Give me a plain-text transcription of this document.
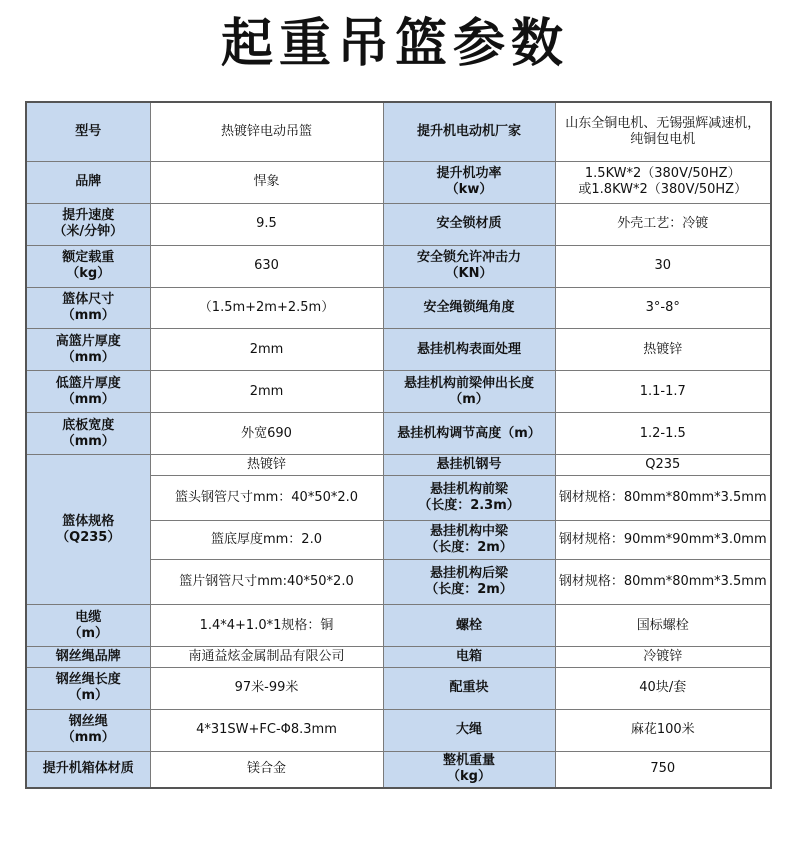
起重吊篮参数
型号	热镀锌电动吊篮	提升机电动机厂家	山东全铜电机、无锡强辉减速机，
纯铜包电机

品牌	悍象	提升机功率
（kw）	1.5KW*2（380V/50HZ）
或1.8KW*2（380V/50HZ）

提升速度
（米/分钟）	9.5	安全锁材质	外壳工艺：冷镀

额定载重
（kg）	630	安全锁允许冲击力
（KN）	30

篮体尺寸
（mm）	（1.5m+2m+2.5m）	安全绳锁绳角度	3°-8°

高篮片厚度
（mm）	2mm	悬挂机构表面处理	热镀锌

低篮片厚度
（mm）	2mm	悬挂机构前梁伸出长度
（m）	1.1-1.7

底板宽度
（mm）	外宽690	悬挂机构调节高度（m）	1.2-1.5

篮体规格
（Q235）	热镀锌	悬挂机钢号	Q235

	篮头钢管尺寸mm：40*50*2.0	悬挂机构前梁
（长度：2.3m）	钢材规格：80mm*80mm*3.5mm

	篮底厚度mm：2.0	悬挂机构中梁
（长度：2m）	钢材规格：90mm*90mm*3.0mm

	篮片钢管尺寸mm:40*50*2.0	悬挂机构后梁
（长度：2m）	钢材规格：80mm*80mm*3.5mm

电缆
（m）	1.4*4+1.0*1规格：铜	螺栓	国标螺栓

钢丝绳品牌	南通益炫金属制品有限公司	电箱	冷镀锌

钢丝绳长度
（m）	97米-99米	配重块	40块/套

钢丝绳
（mm）	4*31SW+FC-Φ8.3mm	大绳	麻花100米

提升机箱体材质	镁合金	整机重量
（kg）	750
